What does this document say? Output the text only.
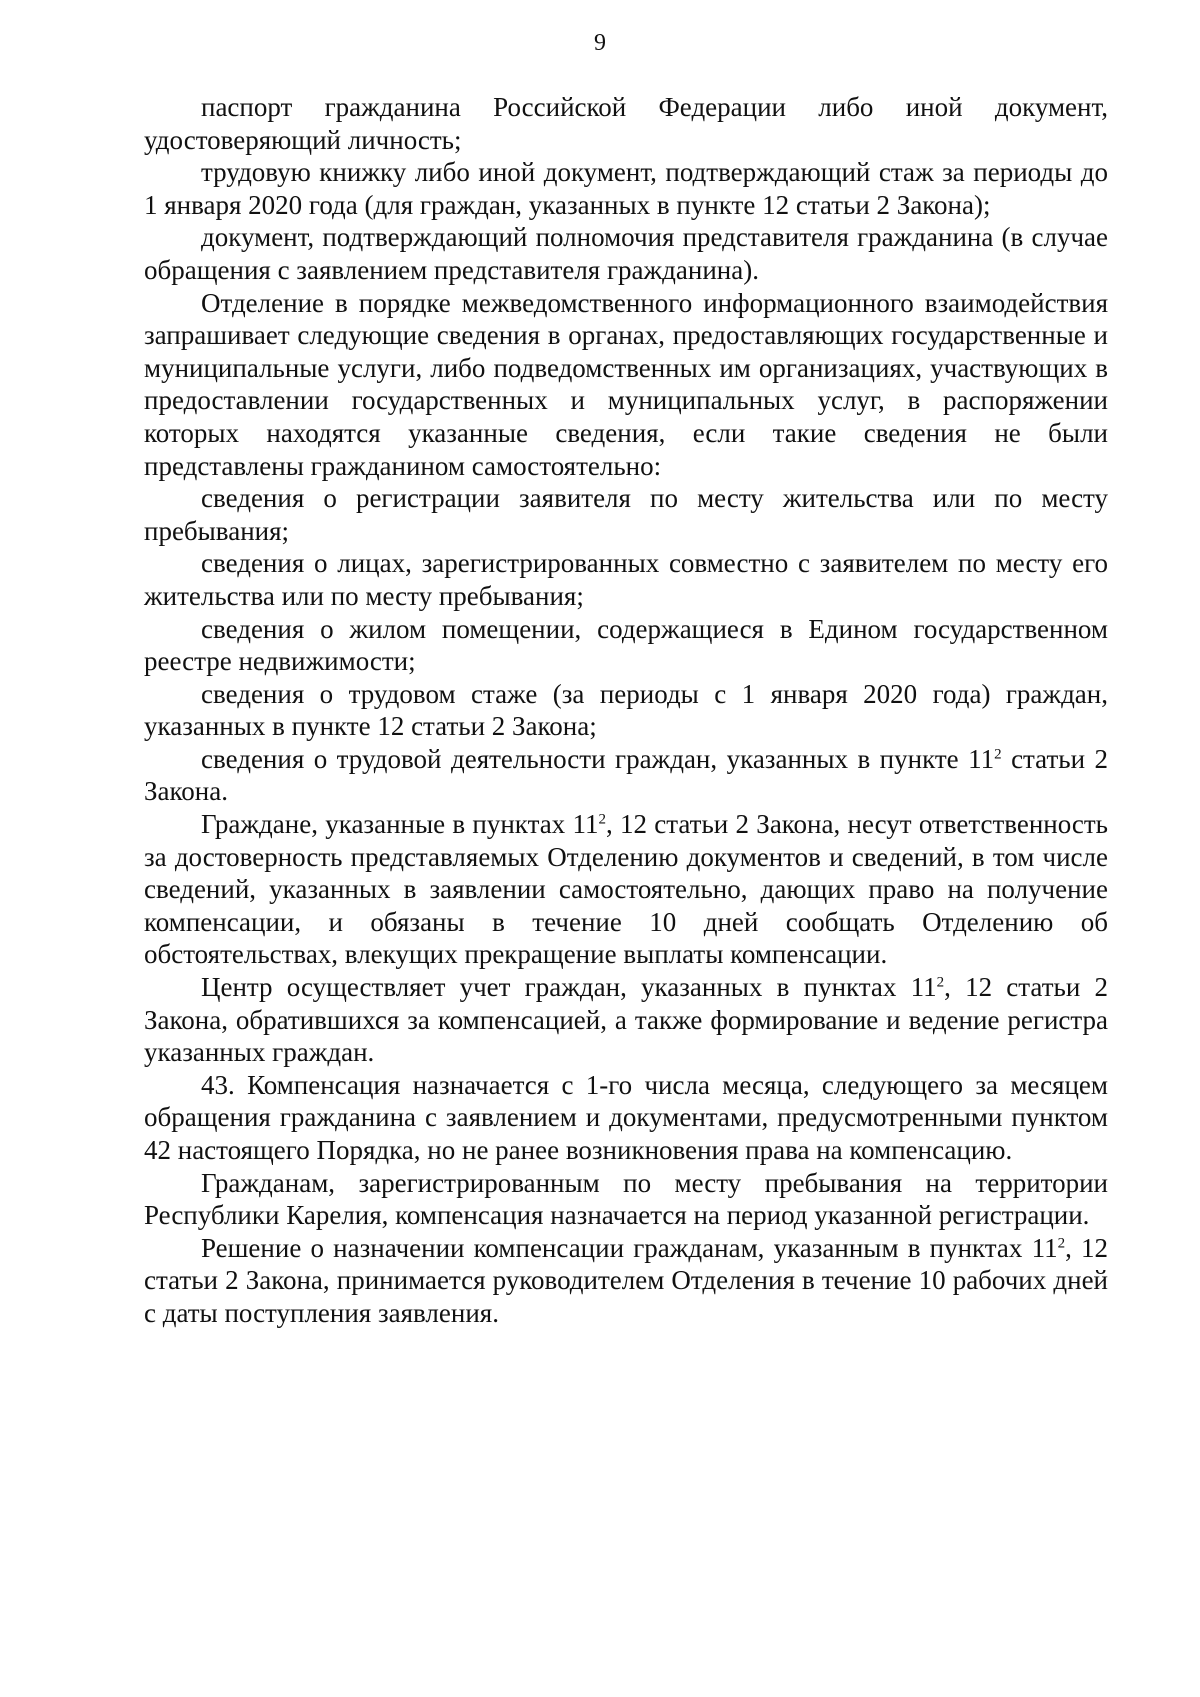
9

паспорт гражданина Российской Федерации либо иной документ, удостоверяющий личность;

трудовую книжку либо иной документ, подтверждающий стаж за периоды до 1 января 2020 года (для граждан, указанных в пункте 12 статьи 2 Закона);

документ, подтверждающий полномочия представителя гражданина (в случае обращения с заявлением представителя гражданина).

Отделение в порядке межведомственного информационного взаимодействия запрашивает следующие сведения в органах, предоставляющих государственные и муниципальные услуги, либо подведомственных им организациях, участвующих в предоставлении государственных и муниципальных услуг, в распоряжении которых находятся указанные сведения, если такие сведения не были представлены гражданином самостоятельно:

сведения о регистрации заявителя по месту жительства или по месту пребывания;

сведения о лицах, зарегистрированных совместно с заявителем по месту его жительства или по месту пребывания;

сведения о жилом помещении, содержащиеся в Едином государственном реестре недвижимости;

сведения о трудовом стаже (за периоды с 1 января 2020 года) граждан, указанных в пункте 12 статьи 2 Закона;

сведения о трудовой деятельности граждан, указанных в пункте $11^2$ статьи 2 Закона.

Граждане, указанные в пунктах $11^2$, 12 статьи 2 Закона, несут ответственность за достоверность представляемых Отделению документов и сведений, в том числе сведений, указанных в заявлении самостоятельно, дающих право на получение компенсации, и обязаны в течение 10 дней сообщать Отделению об обстоятельствах, влекущих прекращение выплаты компенсации.

Центр осуществляет учет граждан, указанных в пунктах $11^2$, 12 статьи 2 Закона, обратившихся за компенсацией, а также формирование и ведение регистра указанных граждан.

43. Компенсация назначается с 1-го числа месяца, следующего за месяцем обращения гражданина с заявлением и документами, предусмотренными пунктом 42 настоящего Порядка, но не ранее возникновения права на компенсацию.

Гражданам, зарегистрированным по месту пребывания на территории Республики Карелия, компенсация назначается на период указанной регистрации.

Решение о назначении компенсации гражданам, указанным в пунктах $11^2$, 12 статьи 2 Закона, принимается руководителем Отделения в течение 10 рабочих дней с даты поступления заявления.
